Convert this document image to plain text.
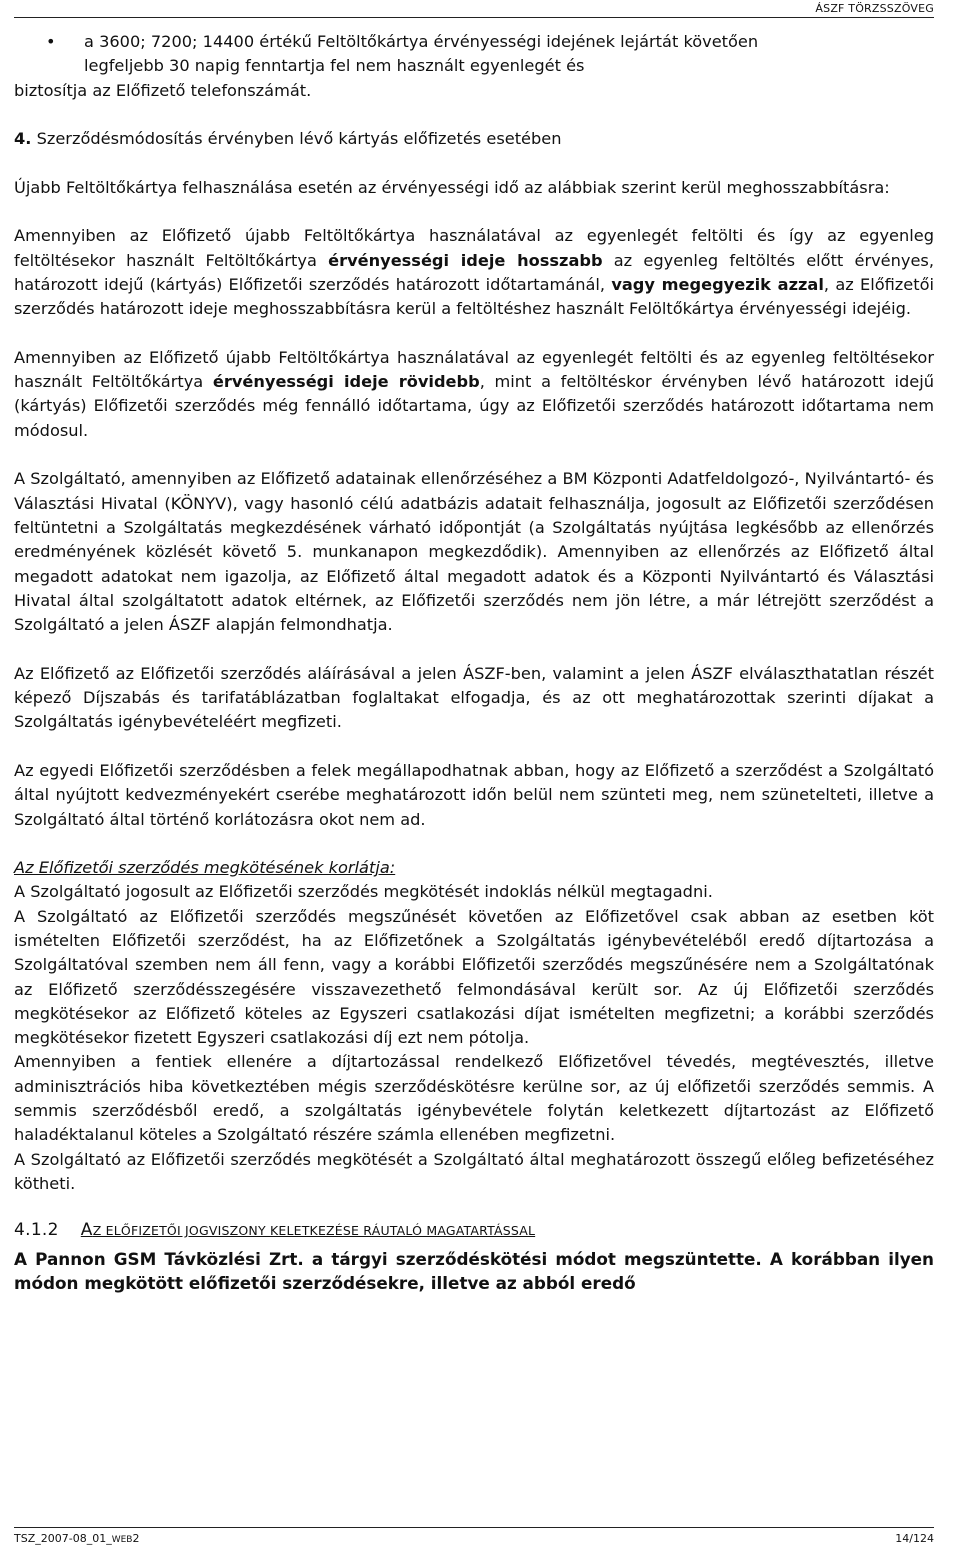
ÁSZF TÖRZSSZÖVEG
• a 3600; 7200; 14400 értékű Feltöltőkártya érvényességi idejének lejártát követően
legfeljebb 30 napig fenntartja fel nem használt egyenlegét és
biztosítja az Előfizető telefonszámát.

4. Szerződésmódosítás érvényben lévő kártyás előfizetés esetében

Újabb Feltöltőkártya felhasználása esetén az érvényességi idő az alábbiak szerint kerül meghosszabbításra:

Amennyiben az Előfizető újabb Feltöltőkártya használatával az egyenlegét feltölti és így az egyenleg feltöltésekor használt Feltöltőkártya érvényességi ideje hosszabb az egyenleg feltöltés előtt érvényes, határozott idejű (kártyás) Előfizetői szerződés határozott időtartamánál, vagy megegyezik azzal, az Előfizetői szerződés határozott ideje meghosszabbításra kerül a feltöltéshez használt Felöltőkártya érvényességi idejéig.

Amennyiben az Előfizető újabb Feltöltőkártya használatával az egyenlegét feltölti és az egyenleg feltöltésekor használt Feltöltőkártya érvényességi ideje rövidebb, mint a feltöltéskor érvényben lévő határozott idejű (kártyás) Előfizetői szerződés még fennálló időtartama, úgy az Előfizetői szerződés határozott időtartama nem módosul.

A Szolgáltató, amennyiben az Előfizető adatainak ellenőrzéséhez a BM Központi Adatfeldolgozó-, Nyilvántartó- és Választási Hivatal (KÖNYV), vagy hasonló célú adatbázis adatait felhasználja, jogosult az Előfizetői szerződésen feltüntetni a Szolgáltatás megkezdésének várható időpontját (a Szolgáltatás nyújtása legkésőbb az ellenőrzés eredményének közlését követő 5. munkanapon megkezdődik). Amennyiben az ellenőrzés az Előfizető által megadott adatokat nem igazolja, az Előfizető által megadott adatok és a Központi Nyilvántartó és Választási Hivatal által szolgáltatott adatok eltérnek, az Előfizetői szerződés nem jön létre, a már létrejött szerződést a Szolgáltató a jelen ÁSZF alapján felmondhatja.

Az Előfizető az Előfizetői szerződés aláírásával a jelen ÁSZF-ben, valamint a jelen ÁSZF elválaszthatatlan részét képező Díjszabás és tarifatáblázatban foglaltakat elfogadja, és az ott meghatározottak szerinti díjakat a Szolgáltatás igénybevételéért megfizeti.

Az egyedi Előfizetői szerződésben a felek megállapodhatnak abban, hogy az Előfizető a szerződést a Szolgáltató által nyújtott kedvezményekért cserébe meghatározott időn belül nem szünteti meg, nem szünetelteti, illetve a Szolgáltató által történő korlátozásra okot nem ad.

Az Előfizetői szerződés megkötésének korlátja:

A Szolgáltató jogosult az Előfizetői szerződés megkötését indoklás nélkül megtagadni.

A Szolgáltató az Előfizetői szerződés megszűnését követően az Előfizetővel csak abban az esetben köt ismételten Előfizetői szerződést, ha az Előfizetőnek a Szolgáltatás igénybevételéből eredő díjtartozása a Szolgáltatóval szemben nem áll fenn, vagy a korábbi Előfizetői szerződés megszűnésére nem a Szolgáltatónak az Előfizető szerződésszegésére visszavezethető felmondásával került sor. Az új Előfizetői szerződés megkötésekor az Előfizető köteles az Egyszeri csatlakozási díjat ismételten megfizetni; a korábbi szerződés megkötésekor fizetett Egyszeri csatlakozási díj ezt nem pótolja.

Amennyiben a fentiek ellenére a díjtartozással rendelkező Előfizetővel tévedés, megtévesztés, illetve adminisztrációs hiba következtében mégis szerződéskötésre kerülne sor, az új előfizetői szerződés semmis. A semmis szerződésből eredő, a szolgáltatás igénybevétele folytán keletkezett díjtartozást az Előfizető haladéktalanul köteles a Szolgáltató részére számla ellenében megfizetni.

A Szolgáltató az Előfizetői szerződés megkötését a Szolgáltató által meghatározott összegű előleg befizetéséhez kötheti.

4.1.2 AZ ELŐFIZETŐI JOGVISZONY KELETKEZÉSE RÁUTALÓ MAGATARTÁSSAL

A Pannon GSM Távközlési Zrt. a tárgyi szerződéskötési módot megszüntette. A korábban ilyen módon megkötött előfizetői szerződésekre, illetve az abból eredő

TSZ_2007-08_01_WEB2	14/124
